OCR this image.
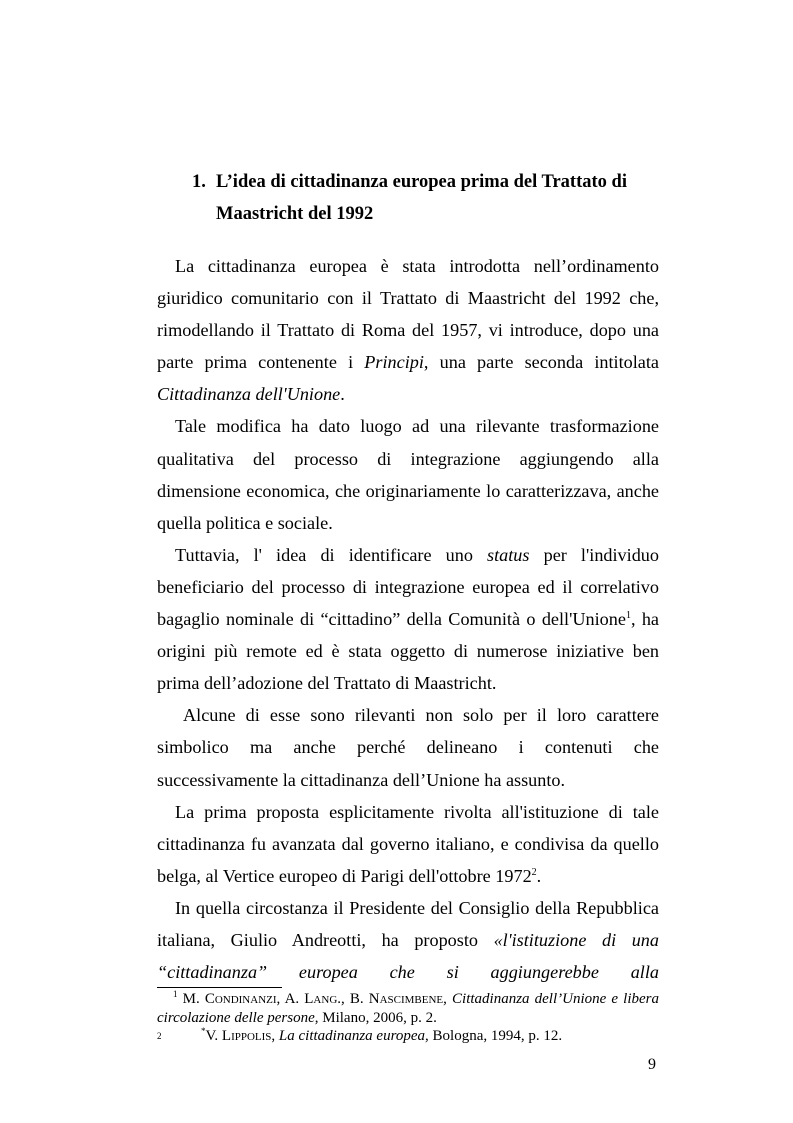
1. L’idea di cittadinanza europea prima del Trattato di
Maastricht del 1992

La cittadinanza europea è stata introdotta nell’ordinamento giuridico comunitario con il Trattato di Maastricht del 1992 che, rimodellando il Trattato di Roma del 1957, vi introduce, dopo una parte prima contenente i Principi, una parte seconda intitolata Cittadinanza dell'Unione.

Tale modifica ha dato luogo ad una rilevante trasformazione qualitativa del processo di integrazione aggiungendo alla dimensione economica, che originariamente lo caratterizzava, anche quella politica e sociale.

Tuttavia, l' idea di identificare uno status per l'individuo beneficiario del processo di integrazione europea ed il correlativo bagaglio nominale di “cittadino” della Comunità o dell'Unione$^1$, ha origini più remote ed è stata oggetto di numerose iniziative ben prima dell’adozione del Trattato di Maastricht.

Alcune di esse sono rilevanti non solo per il loro carattere simbolico ma anche perché delineano i contenuti che successivamente la cittadinanza dell’Unione ha assunto.

La prima proposta esplicitamente rivolta all'istituzione di tale cittadinanza fu avanzata dal governo italiano, e condivisa da quello belga, al Vertice europeo di Parigi dell'ottobre 1972$^2$.

In quella circostanza il Presidente del Consiglio della Repubblica italiana, Giulio Andreotti, ha proposto «l'istituzione di una “cittadinanza” europea che si aggiungerebbe alla

$^1$ M. Condinanzi, A. Lang., B. Nascimbene, Cittadinanza dell’Unione e libera circolazione delle persone, Milano, 2006, p. 2.

2	*V. Lippolis, La cittadinanza europea, Bologna, 1994, p. 12.

9
